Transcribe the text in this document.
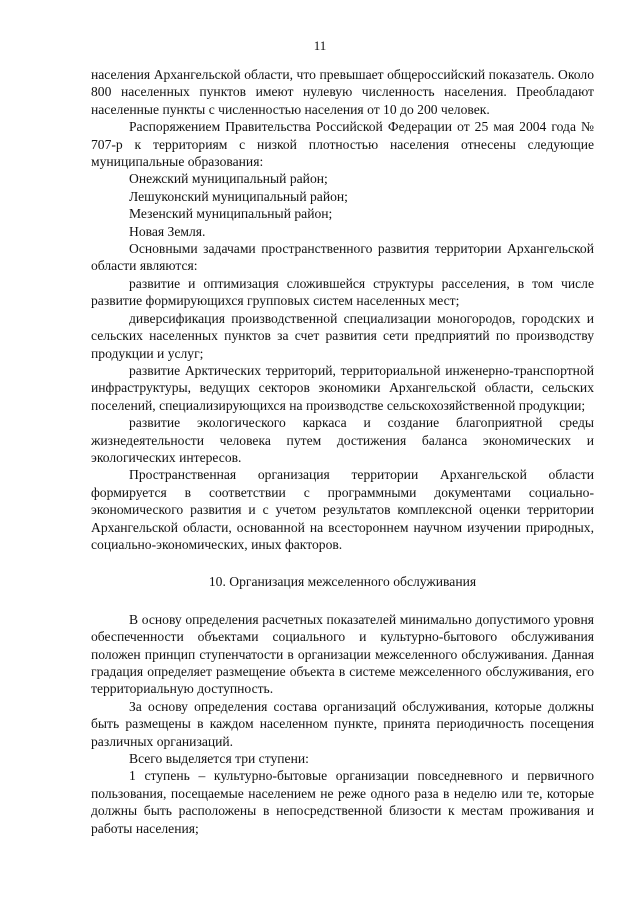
11

населения Архангельской области, что превышает общероссийский показатель. Около 800 населенных пунктов имеют нулевую численность населения. Преобладают населенные пункты с численностью населения от 10 до 200 человек.

Распоряжением Правительства Российской Федерации от 25 мая 2004 года № 707-р к территориям с низкой плотностью населения отнесены следующие муниципальные образования:

Онежский муниципальный район;

Лешуконский муниципальный район;

Мезенский муниципальный район;

Новая Земля.

Основными задачами пространственного развития территории Архангельской области являются:

развитие и оптимизация сложившейся структуры расселения, в том числе развитие формирующихся групповых систем населенных мест;

диверсификация производственной специализации моногородов, городских и сельских населенных пунктов за счет развития сети предприятий по производству продукции и услуг;

развитие Арктических территорий, территориальной инженерно-транспортной инфраструктуры, ведущих секторов экономики Архангельской области, сельских поселений, специализирующихся на производстве сельскохозяйственной продукции;

развитие экологического каркаса и создание благоприятной среды жизнедеятельности человека путем достижения баланса экономических и экологических интересов.

Пространственная организация территории Архангельской области формируется в соответствии с программными документами социально-экономического развития и с учетом результатов комплексной оценки территории Архангельской области, основанной на всестороннем научном изучении природных, социально-экономических, иных факторов.

10. Организация межселенного обслуживания

В основу определения расчетных показателей минимально допустимого уровня обеспеченности объектами социального и культурно-бытового обслуживания положен принцип ступенчатости в организации межселенного обслуживания. Данная градация определяет размещение объекта в системе межселенного обслуживания, его территориальную доступность.

За основу определения состава организаций обслуживания, которые должны быть размещены в каждом населенном пункте, принята периодичность посещения различных организаций.

Всего выделяется три ступени:

1 ступень – культурно-бытовые организации повседневного и первичного пользования, посещаемые населением не реже одного раза в неделю или те, которые должны быть расположены в непосредственной близости к местам проживания и работы населения;
